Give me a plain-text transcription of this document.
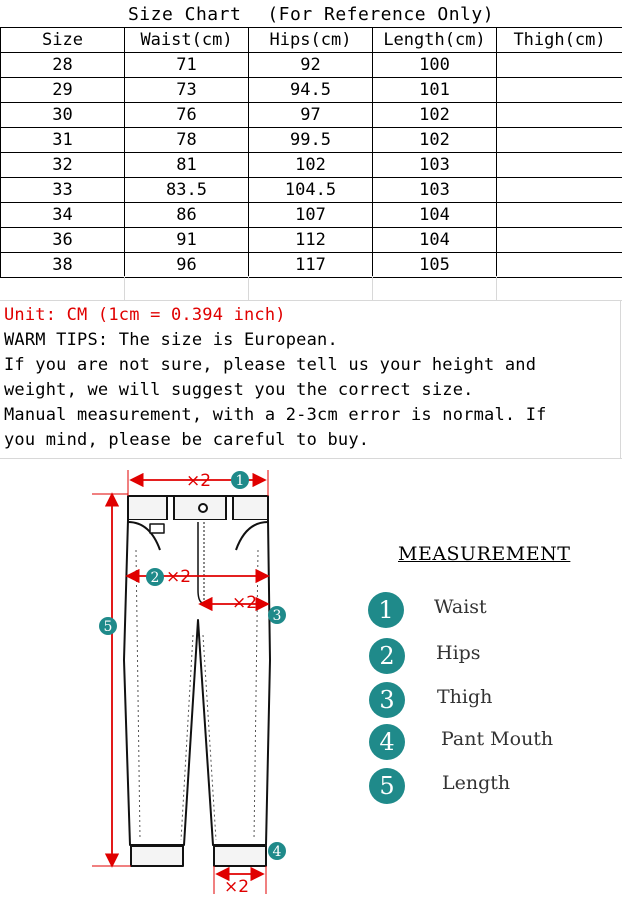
Size Chart (For Reference Only)
Size	Waist(cm)	Hips(cm)	Length(cm)	Thigh(cm)
28	71	92	100	
29	73	94.5	101	
30	76	97	102	
31	78	99.5	102	
32	81	102	103	
33	83.5	104.5	103	
34	86	107	104	
36	91	112	104	
38	96	117	105	
Unit: CM (1cm = 0.394 inch)
WARM TIPS: The size is European.
If you are not sure, please tell us your height and
weight, we will suggest you the correct size.
Manual measurement, with a 2-3cm error is normal. If
you mind, please be careful to buy.
×2
×2
×2
×2
1
2
3
4
5
MEASUREMENT
1	Waist
2	Hips
3	Thigh
4	Pant Mouth
5	Length
